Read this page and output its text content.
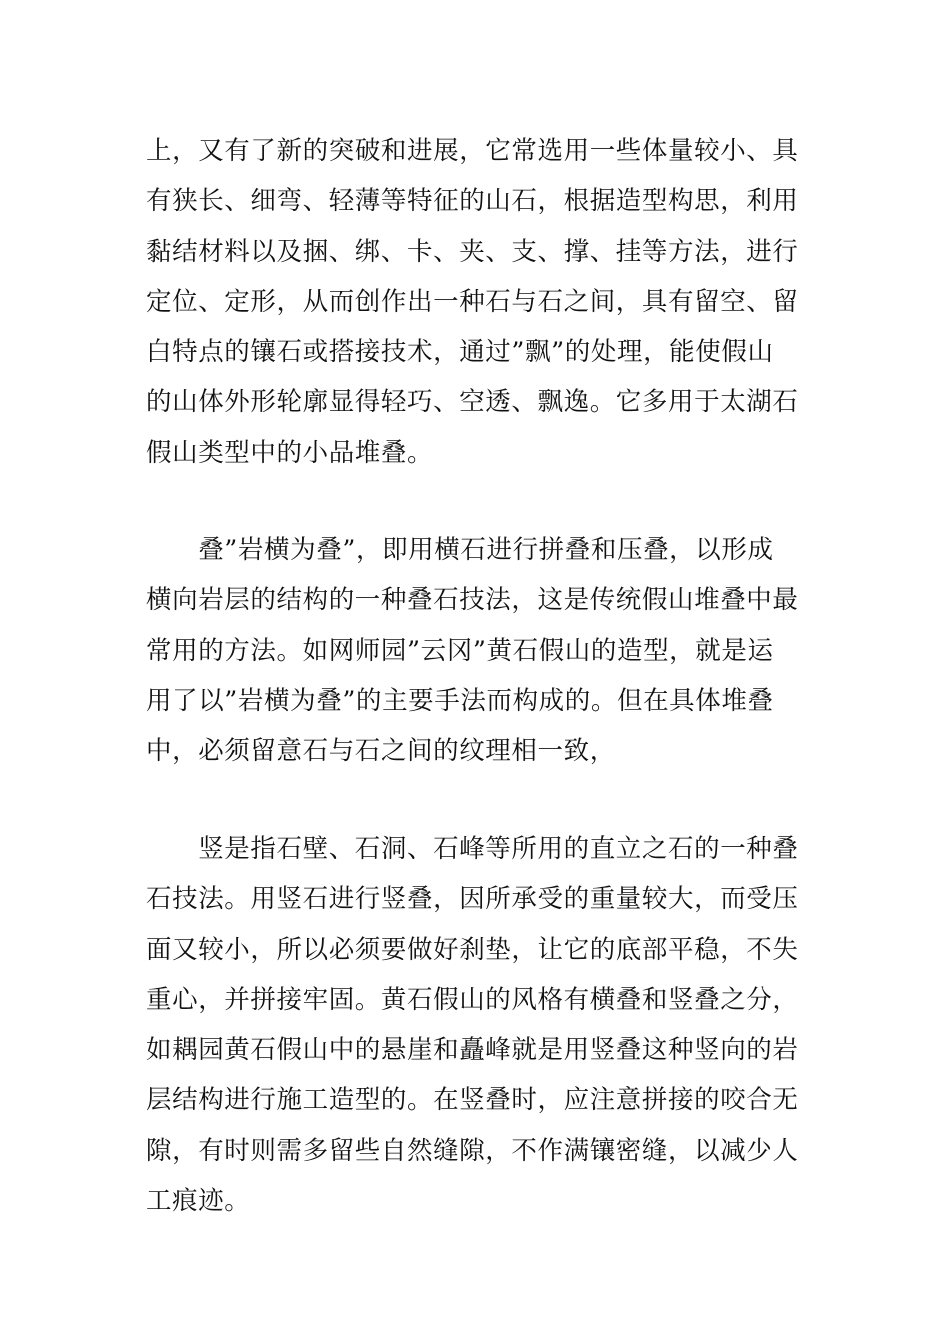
上，又有了新的突破和进展，它常选用一些体量较小、具
有狭长、细弯、轻薄等特征的山石，根据造型构思，利用
黏结材料以及捆、绑、卡、夹、支、撑、挂等方法，进行
定位、定形，从而创作出一种石与石之间，具有留空、留
白特点的镶石或搭接技术，通过”飘”的处理，能使假山
的山体外形轮廓显得轻巧、空透、飘逸。它多用于太湖石
假山类型中的小品堆叠。

　　叠”岩横为叠”，即用横石进行拼叠和压叠，以形成
横向岩层的结构的一种叠石技法，这是传统假山堆叠中最
常用的方法。如网师园”云冈”黄石假山的造型，就是运
用了以”岩横为叠”的主要手法而构成的。但在具体堆叠
中，必须留意石与石之间的纹理相一致，

　　竖是指石壁、石洞、石峰等所用的直立之石的一种叠
石技法。用竖石进行竖叠，因所承受的重量较大，而受压
面又较小，所以必须要做好刹垫，让它的底部平稳，不失
重心，并拼接牢固。黄石假山的风格有横叠和竖叠之分，
如耦园黄石假山中的悬崖和矗峰就是用竖叠这种竖向的岩
层结构进行施工造型的。在竖叠时，应注意拼接的咬合无
隙，有时则需多留些自然缝隙，不作满镶密缝，以减少人
工痕迹。
